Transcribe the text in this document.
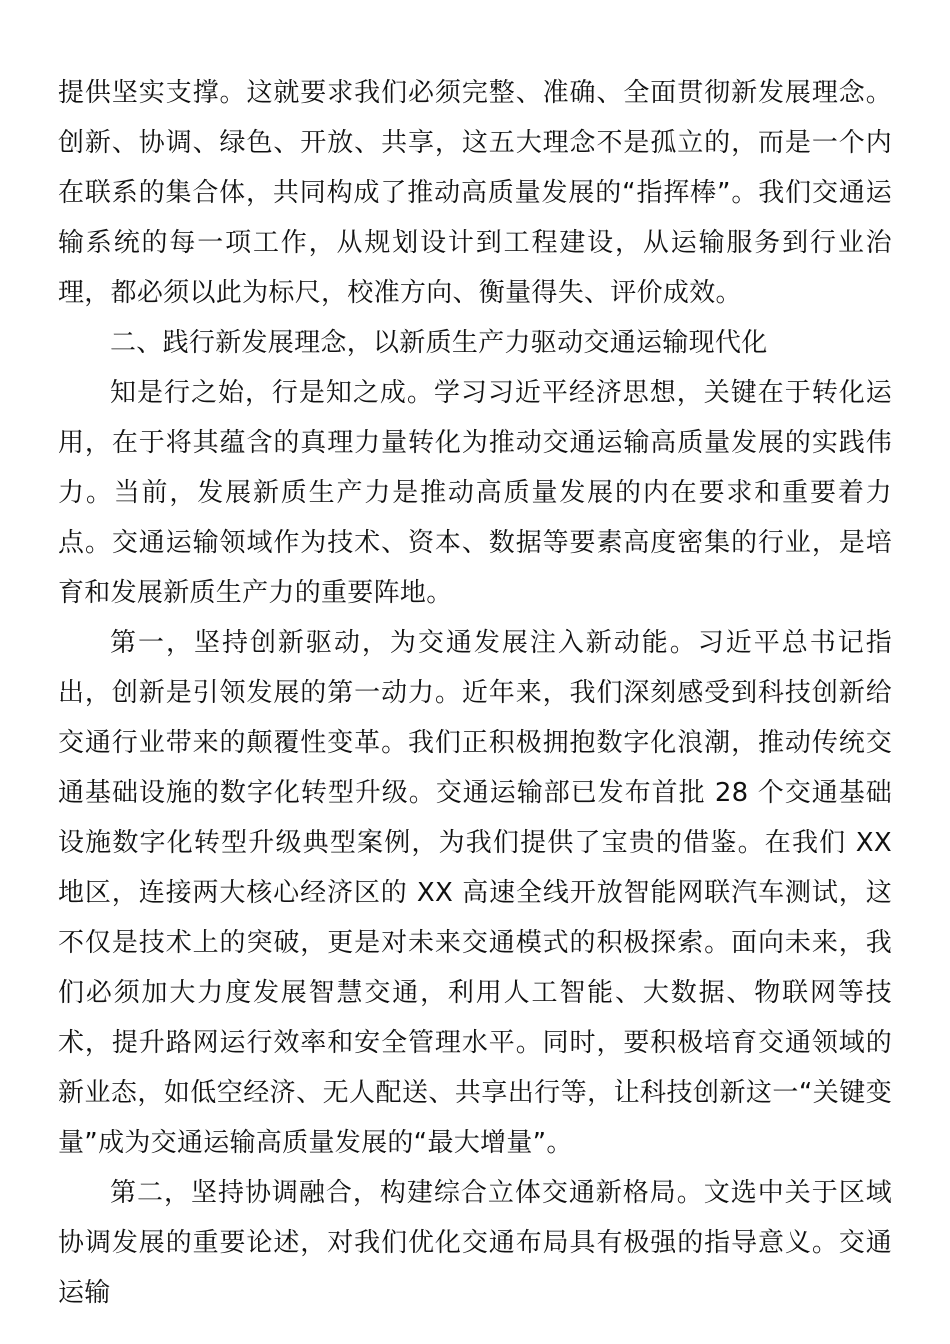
提供坚实支撑。这就要求我们必须完整、准确、全面贯彻新发展理念。创新、协调、绿色、开放、共享，这五大理念不是孤立的，而是一个内在联系的集合体，共同构成了推动高质量发展的“指挥棒”。我们交通运输系统的每一项工作，从规划设计到工程建设，从运输服务到行业治理，都必须以此为标尺，校准方向、衡量得失、评价成效。

二、践行新发展理念，以新质生产力驱动交通运输现代化

知是行之始，行是知之成。学习习近平经济思想，关键在于转化运用，在于将其蕴含的真理力量转化为推动交通运输高质量发展的实践伟力。当前，发展新质生产力是推动高质量发展的内在要求和重要着力点。交通运输领域作为技术、资本、数据等要素高度密集的行业，是培育和发展新质生产力的重要阵地。

第一，坚持创新驱动，为交通发展注入新动能。习近平总书记指出，创新是引领发展的第一动力。近年来，我们深刻感受到科技创新给交通行业带来的颠覆性变革。我们正积极拥抱数字化浪潮，推动传统交通基础设施的数字化转型升级。交通运输部已发布首批 28 个交通基础设施数字化转型升级典型案例，为我们提供了宝贵的借鉴。在我们 XX 地区，连接两大核心经济区的 XX 高速全线开放智能网联汽车测试，这不仅是技术上的突破，更是对未来交通模式的积极探索。面向未来，我们必须加大力度发展智慧交通，利用人工智能、大数据、物联网等技术，提升路网运行效率和安全管理水平。同时，要积极培育交通领域的新业态，如低空经济、无人配送、共享出行等，让科技创新这一“关键变量”成为交通运输高质量发展的“最大增量”。

第二，坚持协调融合，构建综合立体交通新格局。文选中关于区域协调发展的重要论述，对我们优化交通布局具有极强的指导意义。交通运输
